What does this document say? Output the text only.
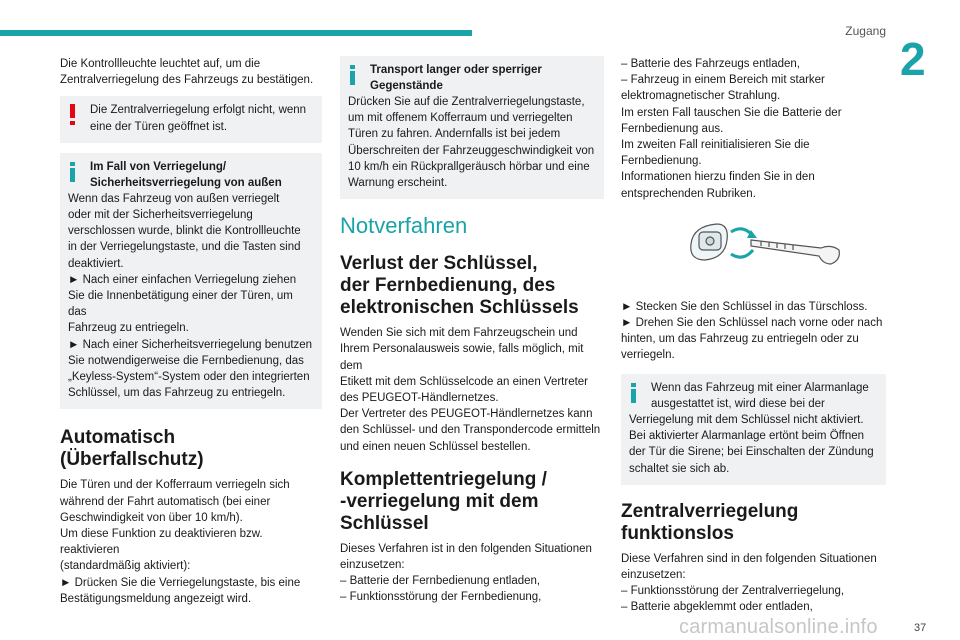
Zugang
2

Die Kontrollleuchte leuchtet auf, um die
Zentralverriegelung des Fahrzeugs zu bestätigen.

Die Zentralverriegelung erfolgt nicht, wenn
eine der Türen geöffnet ist.
Im Fall von Verriegelung/
Sicherheitsverriegelung von außen
Wenn das Fahrzeug von außen verriegelt
oder mit der Sicherheitsverriegelung
verschlossen wurde, blinkt die Kontrollleuchte
in der Verriegelungstaste, und die Tasten sind
deaktiviert.
► Nach einer einfachen Verriegelung ziehen
Sie die Innenbetätigung einer der Türen, um das
Fahrzeug zu entriegeln.
► Nach einer Sicherheitsverriegelung benutzen
Sie notwendigerweise die Fernbedienung, das
„Keyless-System“-System oder den integrierten
Schlüssel, um das Fahrzeug zu entriegeln.
Automatisch (Überfallschutz)

Die Türen und der Kofferraum verriegeln sich
während der Fahrt automatisch (bei einer
Geschwindigkeit von über 10 km/h).
Um diese Funktion zu deaktivieren bzw. reaktivieren
(standardmäßig aktiviert):
► Drücken Sie die Verriegelungstaste, bis eine
Bestätigungsmeldung angezeigt wird.

Transport langer oder sperriger
Gegenstände
Drücken Sie auf die Zentralverriegelungstaste,
um mit offenem Kofferraum und verriegelten
Türen zu fahren. Andernfalls ist bei jedem
Überschreiten der Fahrzeuggeschwindigkeit von
10 km/h ein Rückprallgeräusch hörbar und eine
Warnung erscheint.
Notverfahren
Verlust der Schlüssel,
der Fernbedienung, des
elektronischen Schlüssels

Wenden Sie sich mit dem Fahrzeugschein und
Ihrem Personalausweis sowie, falls möglich, mit dem
Etikett mit dem Schlüsselcode an einen Vertreter
des PEUGEOT-Händlernetzes.
Der Vertreter des PEUGEOT-Händlernetzes kann
den Schlüssel- und den Transpondercode ermitteln
und einen neuen Schlüssel bestellen.

Komplettentriegelung /
-verriegelung mit dem
Schlüssel

Dieses Verfahren ist in den folgenden Situationen
einzusetzen:
– Batterie der Fernbedienung entladen,
– Funktionsstörung der Fernbedienung,

– Batterie des Fahrzeugs entladen,
– Fahrzeug in einem Bereich mit starker
elektromagnetischer Strahlung.
Im ersten Fall tauschen Sie die Batterie der
Fernbedienung aus.
Im zweiten Fall reinitialisieren Sie die
Fernbedienung.
Informationen hierzu finden Sie in den
entsprechenden Rubriken.

► Stecken Sie den Schlüssel in das Türschloss.
► Drehen Sie den Schlüssel nach vorne oder nach
hinten, um das Fahrzeug zu entriegeln oder zu
verriegeln.

Wenn das Fahrzeug mit einer Alarmanlage
ausgestattet ist, wird diese bei der
Verriegelung mit dem Schlüssel nicht aktiviert.
Bei aktivierter Alarmanlage ertönt beim Öffnen
der Tür die Sirene; bei Einschalten der Zündung
schaltet sie sich ab.
Zentralverriegelung
funktionslos

Diese Verfahren sind in den folgenden Situationen
einzusetzen:
– Funktionsstörung der Zentralverriegelung,
– Batterie abgeklemmt oder entladen,

carmanualsonline.info	37
